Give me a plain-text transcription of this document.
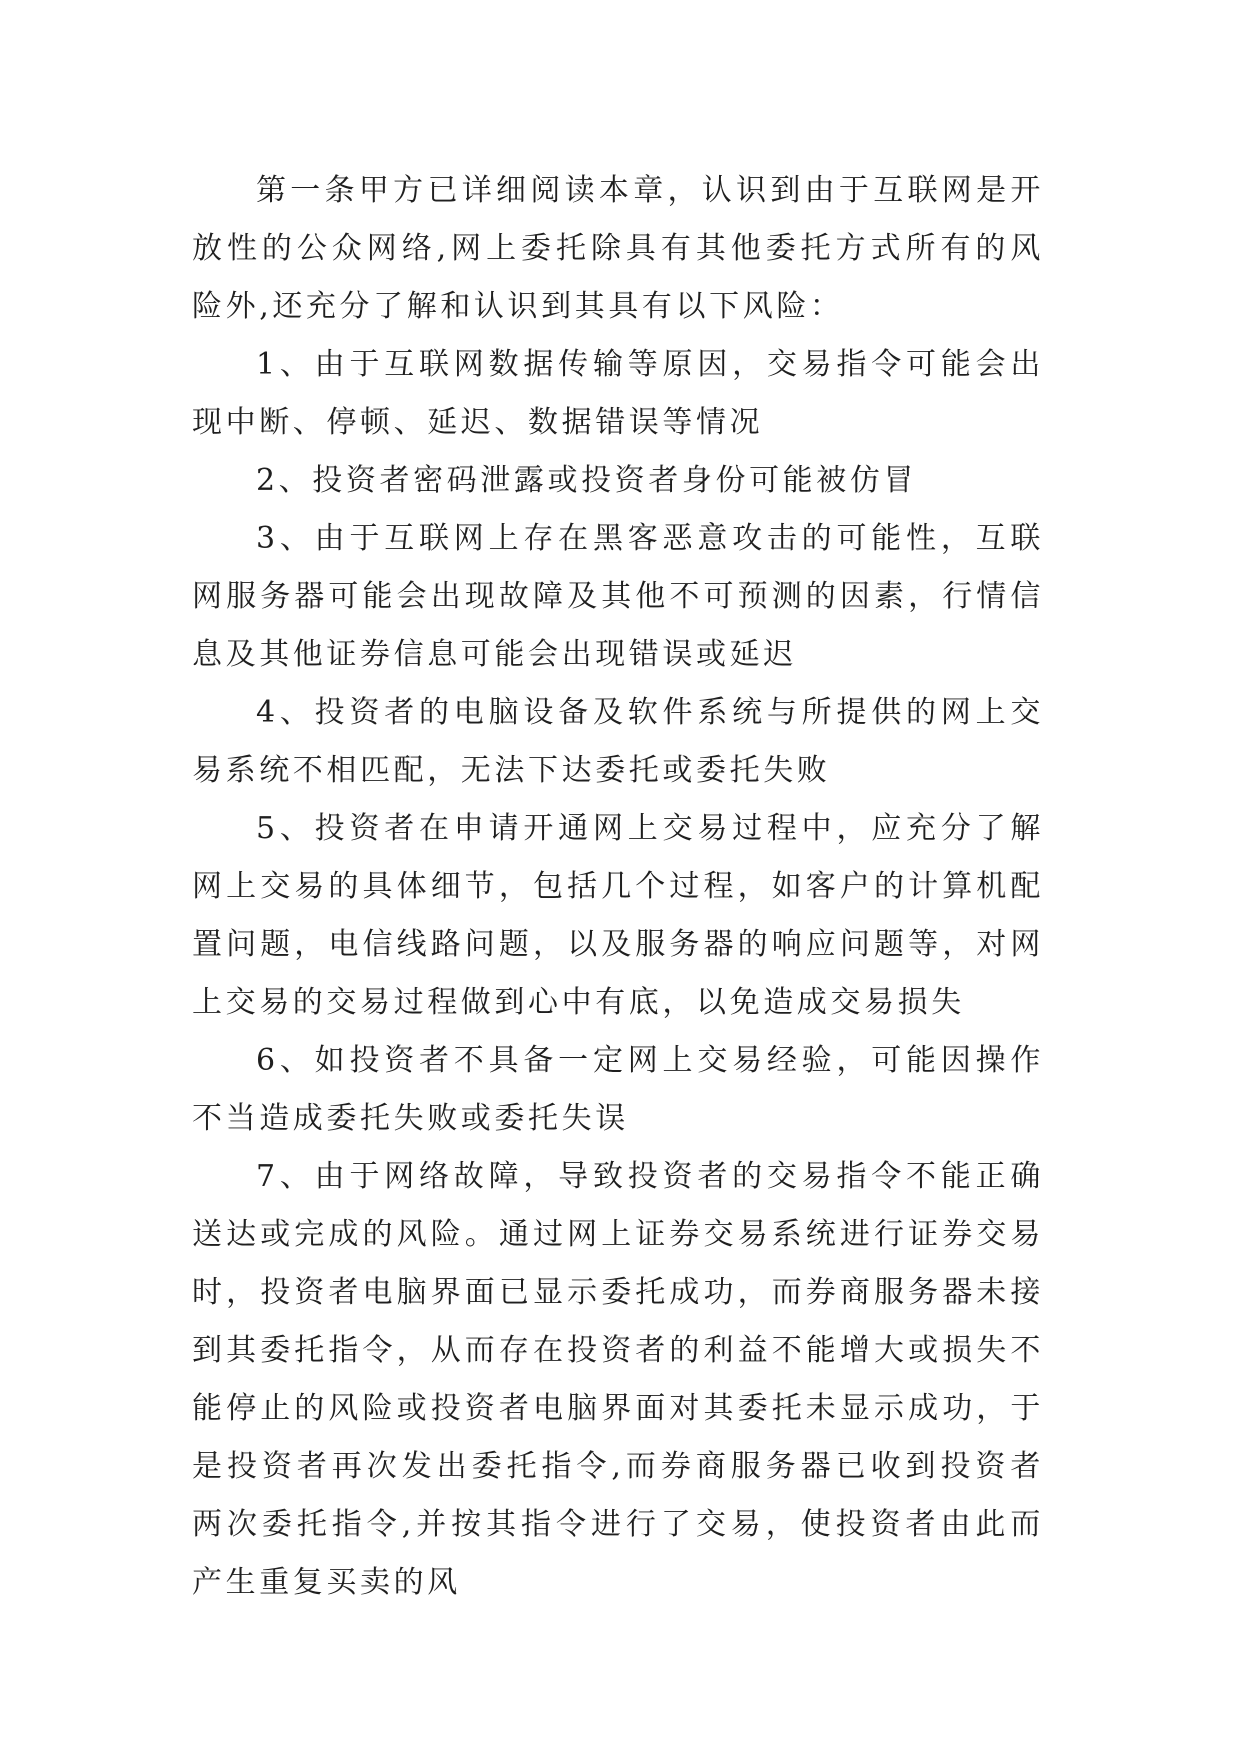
第一条甲方已详细阅读本章，认识到由于互联网是开放性的公众网络,网上委托除具有其他委托方式所有的风险外,还充分了解和认识到其具有以下风险：

1、由于互联网数据传输等原因，交易指令可能会出现中断、停顿、延迟、数据错误等情况

2、投资者密码泄露或投资者身份可能被仿冒

3、由于互联网上存在黑客恶意攻击的可能性，互联网服务器可能会出现故障及其他不可预测的因素，行情信息及其他证券信息可能会出现错误或延迟

4、投资者的电脑设备及软件系统与所提供的网上交易系统不相匹配，无法下达委托或委托失败

5、投资者在申请开通网上交易过程中，应充分了解网上交易的具体细节，包括几个过程，如客户的计算机配置问题，电信线路问题，以及服务器的响应问题等，对网上交易的交易过程做到心中有底，以免造成交易损失

6、如投资者不具备一定网上交易经验，可能因操作不当造成委托失败或委托失误

7、由于网络故障，导致投资者的交易指令不能正确送达或完成的风险。通过网上证券交易系统进行证券交易时，投资者电脑界面已显示委托成功，而券商服务器未接到其委托指令，从而存在投资者的利益不能增大或损失不能停止的风险或投资者电脑界面对其委托未显示成功，于是投资者再次发出委托指令,而券商服务器已收到投资者两次委托指令,并按其指令进行了交易，使投资者由此而产生重复买卖的风
